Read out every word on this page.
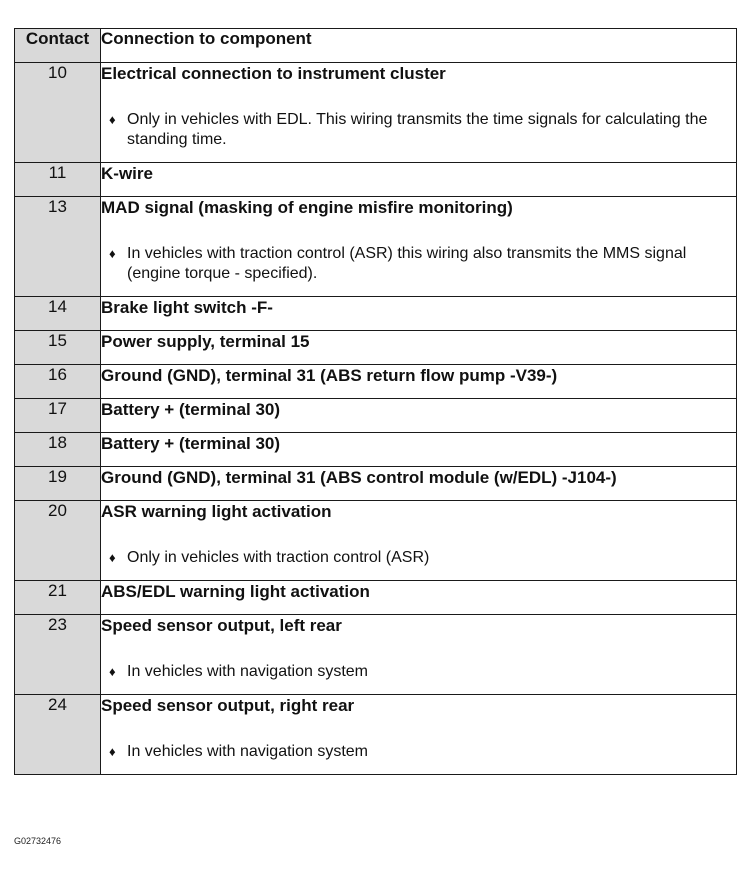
Contact	Connection to component
10	Electrical connection to instrument cluster
♦ Only in vehicles with EDL. This wiring transmits the time signals for calculating the standing time.

11	K-wire

13	MAD signal (masking of engine misfire monitoring)
♦ In vehicles with traction control (ASR) this wiring also transmits the MMS signal (engine torque - specified).

14	Brake light switch -F-

15	Power supply, terminal 15

16	Ground (GND), terminal 31 (ABS return flow pump -V39-)

17	Battery + (terminal 30)

18	Battery + (terminal 30)

19	Ground (GND), terminal 31 (ABS control module (w/EDL) -J104-)

20	ASR warning light activation
♦ Only in vehicles with traction control (ASR)

21	ABS/EDL warning light activation

23	Speed sensor output, left rear
♦ In vehicles with navigation system

24	Speed sensor output, right rear
♦ In vehicles with navigation system
G02732476
